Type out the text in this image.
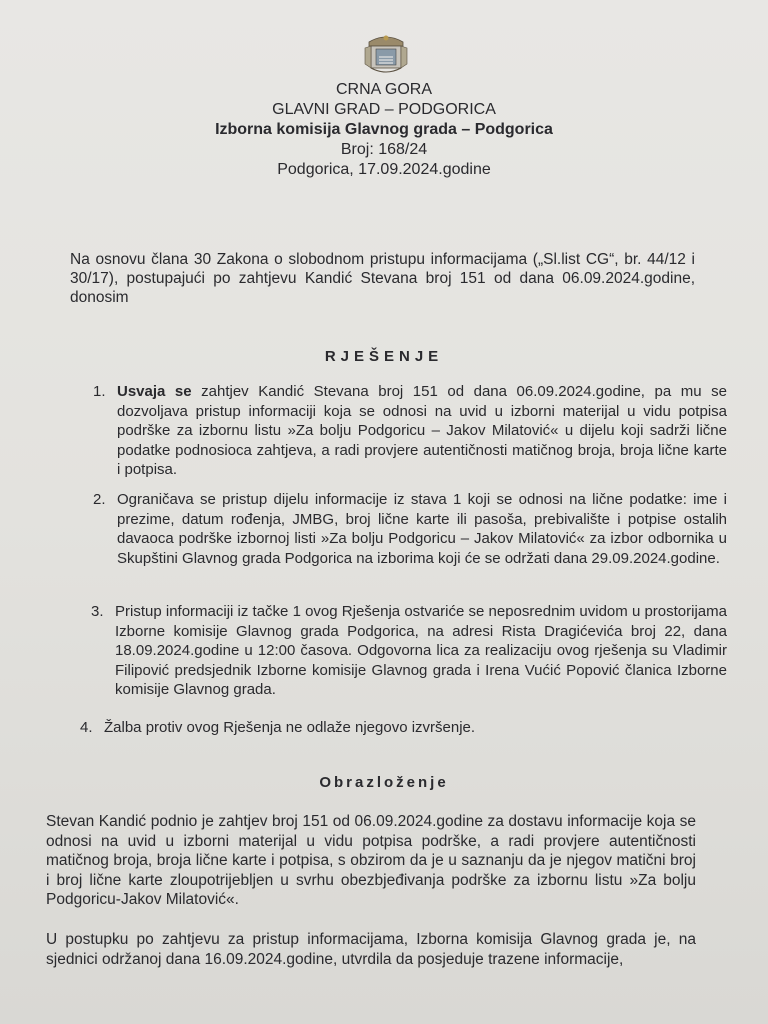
CRNA GORA
GLAVNI GRAD – PODGORICA
Izborna komisija Glavnog grada – Podgorica
Broj: 168/24
Podgorica, 17.09.2024.godine
Na osnovu člana 30 Zakona o slobodnom pristupu informacijama („Sl.list CG“, br. 44/12 i 30/17), postupajući po zahtjevu Kandić Stevana broj 151 od dana 06.09.2024.godine, donosim
RJEŠENJE
1. Usvaja se zahtjev Kandić Stevana broj 151 od dana 06.09.2024.godine, pa mu se dozvoljava pristup informaciji koja se odnosi na uvid u izborni materijal u vidu potpisa podrške za izbornu listu »Za bolju Podgoricu – Jakov Milatović« u dijelu koji sadrži lične podatke podnosioca zahtjeva, a radi provjere autentičnosti matičnog broja, broja lične karte i potpisa.
2. Ograničava se pristup dijelu informacije iz stava 1 koji se odnosi na lične podatke: ime i prezime, datum rođenja, JMBG, broj lične karte ili pasoša, prebivalište i potpise ostalih davaoca podrške izbornoj listi »Za bolju Podgoricu – Jakov Milatović« za izbor odbornika u Skupštini Glavnog grada Podgorica na izborima koji će se održati dana 29.09.2024.godine.
3. Pristup informaciji iz tačke 1 ovog Rješenja ostvariće se neposrednim uvidom u prostorijama Izborne komisije Glavnog grada Podgorica, na adresi Rista Dragićevića broj 22, dana 18.09.2024.godine u 12:00 časova. Odgovorna lica za realizaciju ovog rješenja su Vladimir Filipović predsjednik Izborne komisije Glavnog grada i Irena Vućić Popović članica Izborne komisije Glavnog grada.
4. Žalba protiv ovog Rješenja ne odlaže njegovo izvršenje.
Obrazloženje
Stevan Kandić podnio je zahtjev broj 151 od 06.09.2024.godine za dostavu informacije koja se odnosi na uvid u izborni materijal u vidu potpisa podrške, a radi provjere autentičnosti matičnog broja, broja lične karte i potpisa, s obzirom da je u saznanju da je njegov matični broj i broj lične karte zloupotrijebljen u svrhu obezbjeđivanja podrške za izbornu listu »Za bolju Podgoricu-Jakov Milatović«.
U postupku po zahtjevu za pristup informacijama, Izborna komisija Glavnog grada je, na sjednici održanoj dana 16.09.2024.godine, utvrdila da posjeduje trazene informacije,
